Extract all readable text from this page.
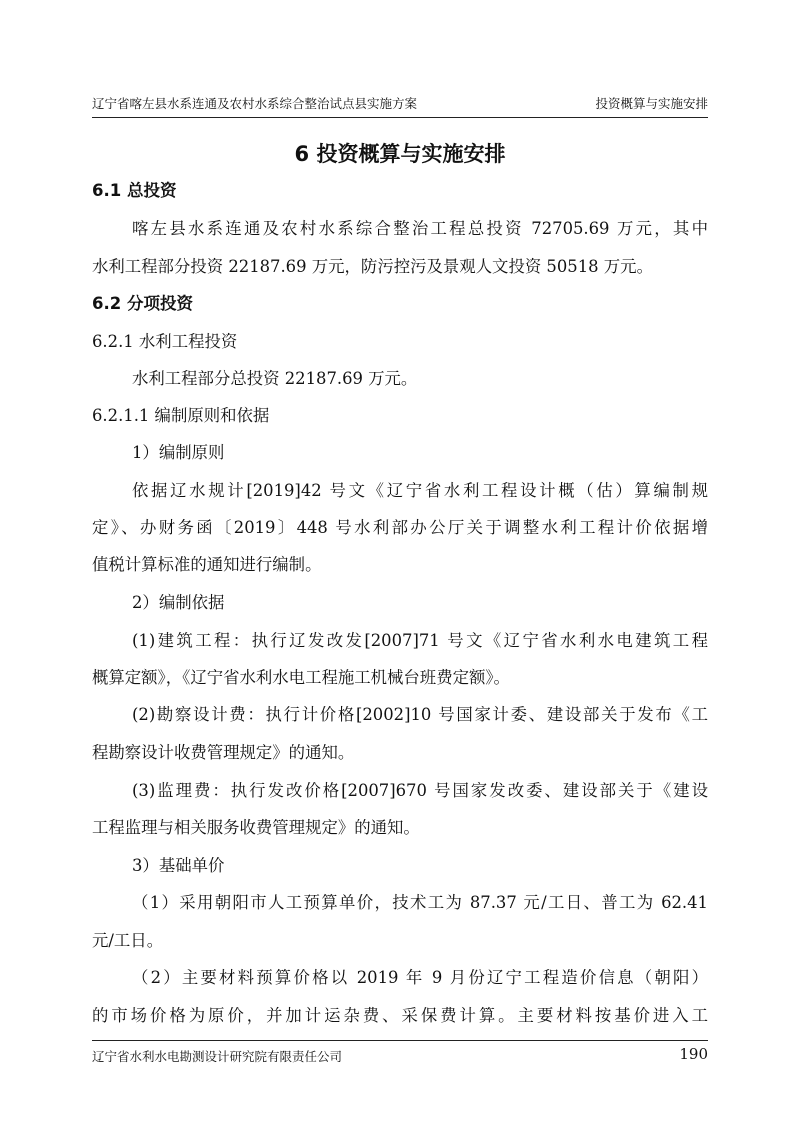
辽宁省喀左县水系连通及农村水系综合整治试点县实施方案	投资概算与实施安排
6 投资概算与实施安排
6.1 总投资
喀左县水系连通及农村水系综合整治工程总投资 72705.69 万元，其中
水利工程部分投资 22187.69 万元，防污控污及景观人文投资 50518 万元。
6.2 分项投资
6.2.1 水利工程投资
水利工程部分总投资 22187.69 万元。
6.2.1.1 编制原则和依据
1）编制原则
依据辽水规计[2019]42 号文《辽宁省水利工程设计概（估）算编制规
定》、办财务函〔2019〕448 号水利部办公厅关于调整水利工程计价依据增
值税计算标准的通知进行编制。
2）编制依据
(1)建筑工程：执行辽发改发[2007]71 号文《辽宁省水利水电建筑工程
概算定额》，《辽宁省水利水电工程施工机械台班费定额》。
(2)勘察设计费：执行计价格[2002]10 号国家计委、建设部关于发布《工
程勘察设计收费管理规定》的通知。
(3)监理费：执行发改价格[2007]670 号国家发改委、建设部关于《建设
工程监理与相关服务收费管理规定》的通知。
3）基础单价
（1）采用朝阳市人工预算单价，技术工为 87.37 元/工日、普工为 62.41
元/工日。
（2）主要材料预算价格以 2019 年 9 月份辽宁工程造价信息（朝阳）
的市场价格为原价，并加计运杂费、采保费计算。主要材料按基价进入工
辽宁省水利水电勘测设计研究院有限责任公司	190
